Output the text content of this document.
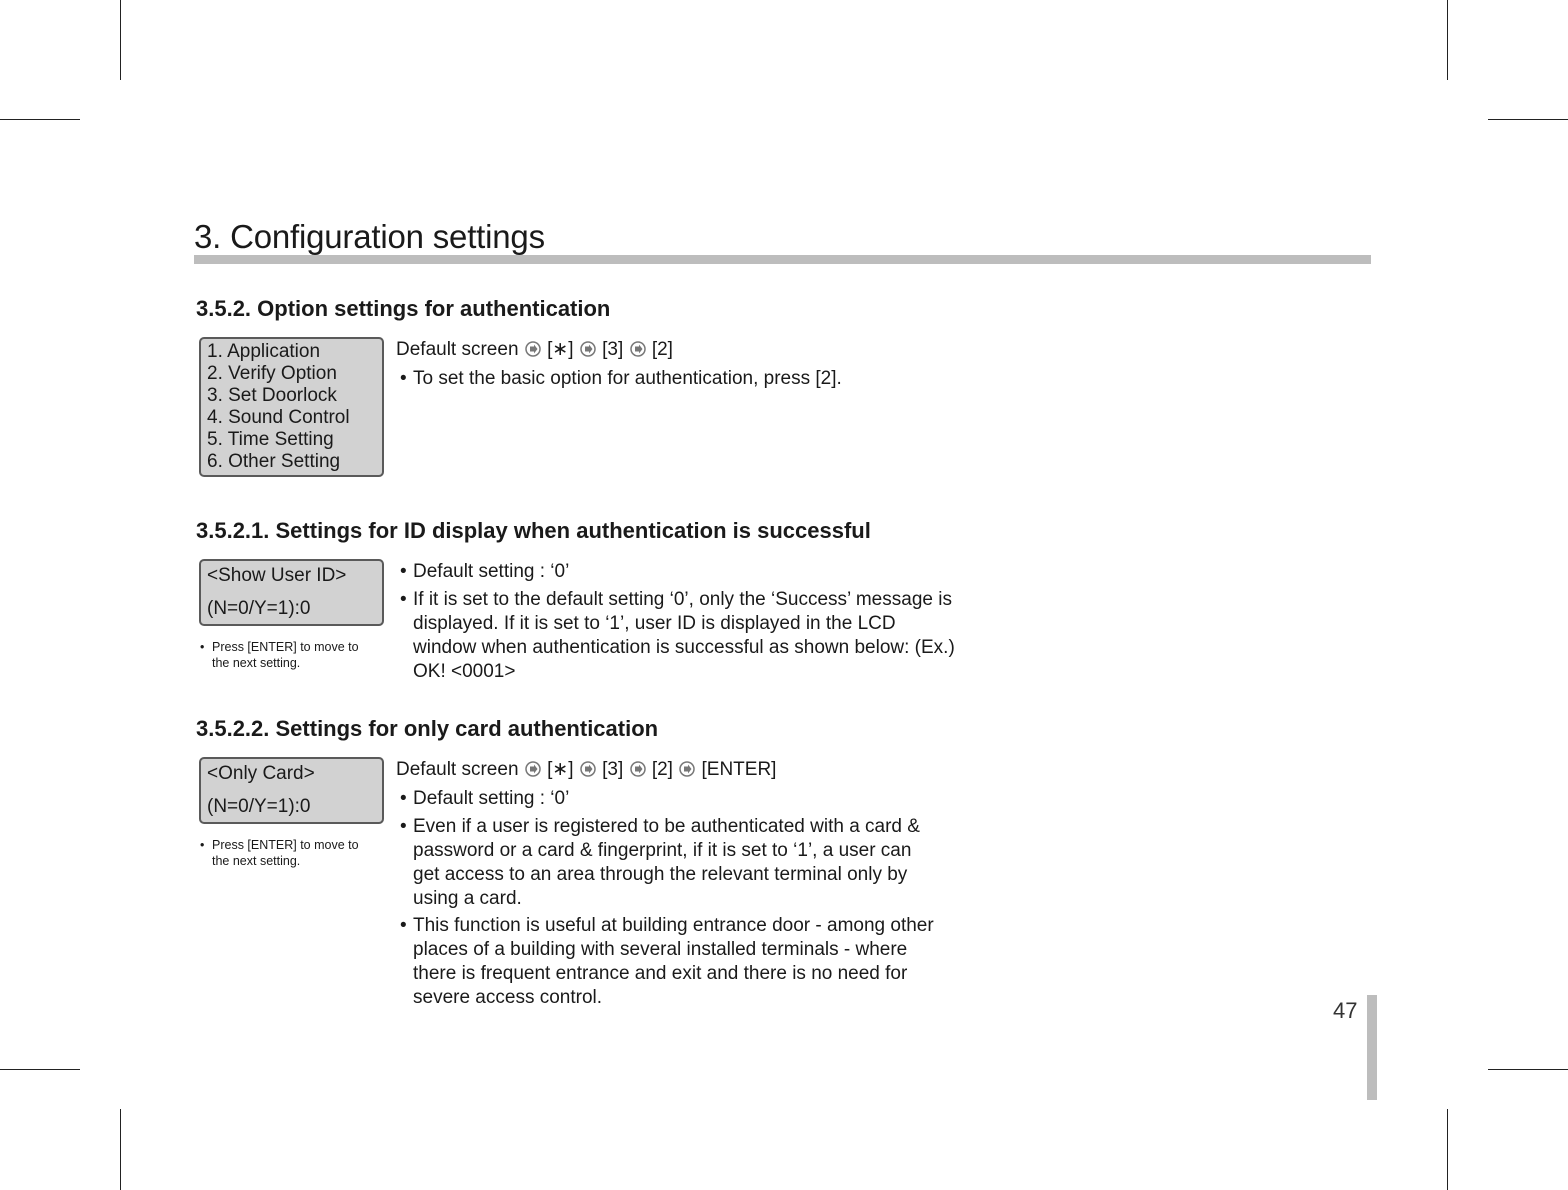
3. Configuration settings
3.5.2. Option settings for authentication
1. Application
2. Verify Option
3. Set Doorlock
4. Sound Control
5. Time Setting
6. Other Setting
Default screen [∗] [3] [2]
• To set the basic option for authentication, press [2].
3.5.2.1. Settings for ID display when authentication is successful
<Show User ID>
(N=0/Y=1):0
• Press [ENTER] to move to the next setting.
• Default setting : ‘0’
• If it is set to the default setting ‘0’, only the ‘Success’ message is displayed. If it is set to ‘1’, user ID is displayed in the LCD window when authentication is successful as shown below: (Ex.) OK! <0001>
3.5.2.2. Settings for only card authentication
<Only Card>
(N=0/Y=1):0
• Press [ENTER] to move to the next setting.
Default screen [∗] [3] [2] [ENTER]
• Default setting : ‘0’
• Even if a user is registered to be authenticated with a card & password or a card & fingerprint, if it is set to ‘1’, a user can get access to an area through the relevant terminal only by using a card.
• This function is useful at building entrance door - among other places of a building with several installed terminals - where there is frequent entrance and exit and there is no need for severe access control.
47
